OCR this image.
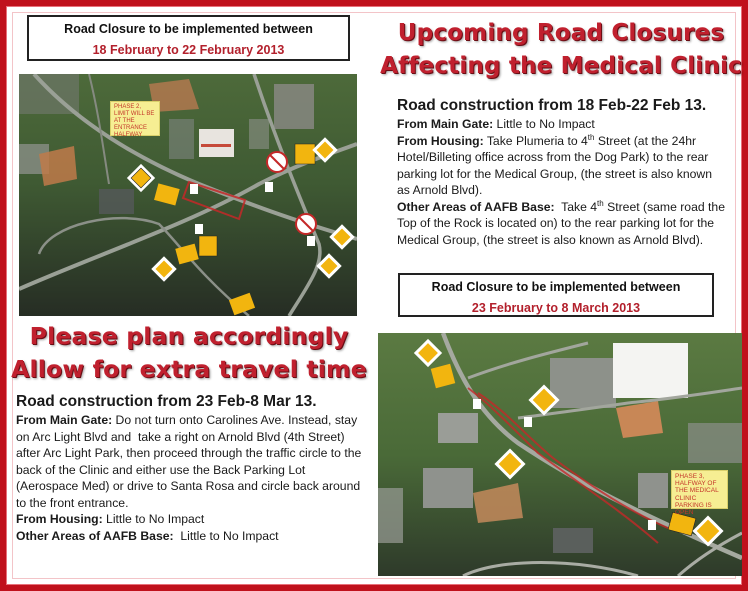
Road Closure to be implemented between
18 February to 22 February 2013
Upcoming Road Closures
Affecting the Medical Clinic
Road construction from 18 Feb-22 Feb 13.
From Main Gate: Little to No Impact
From Housing: Take Plumeria to 4th Street (at the 24hr Hotel/Billeting office across from the Dog Park) to the rear parking lot for the Medical Group, (the street is also known as Arnold Blvd).
Other Areas of AAFB Base:  Take 4th Street (same road the Top of the Rock is located on) to the rear parking lot for the Medical Group, (the street is also known as Arnold Blvd).
Road Closure to be implemented between
23 February to 8 March 2013
Please plan accordingly
Allow for extra travel time
Road construction from 23 Feb-8 Mar 13.
From Main Gate: Do not turn onto Carolines Ave. Instead, stay on Arc Light Blvd and  take a right on Arnold Blvd (4th Street) after Arc Light Park, then proceed through the traffic circle to the back of the Clinic and either use the Back Parking Lot (Aerospace Med) or drive to Santa Rosa and circle back around to the front entrance.
From Housing: Little to No Impact
Other Areas of AAFB Base:  Little to No Impact
PHASE 2, LIMIT WILL BE AT THE ENTRANCE HALFWAY
PHASE 3, HALFWAY OF THE MEDICAL CLINIC PARKING IS OPEN
